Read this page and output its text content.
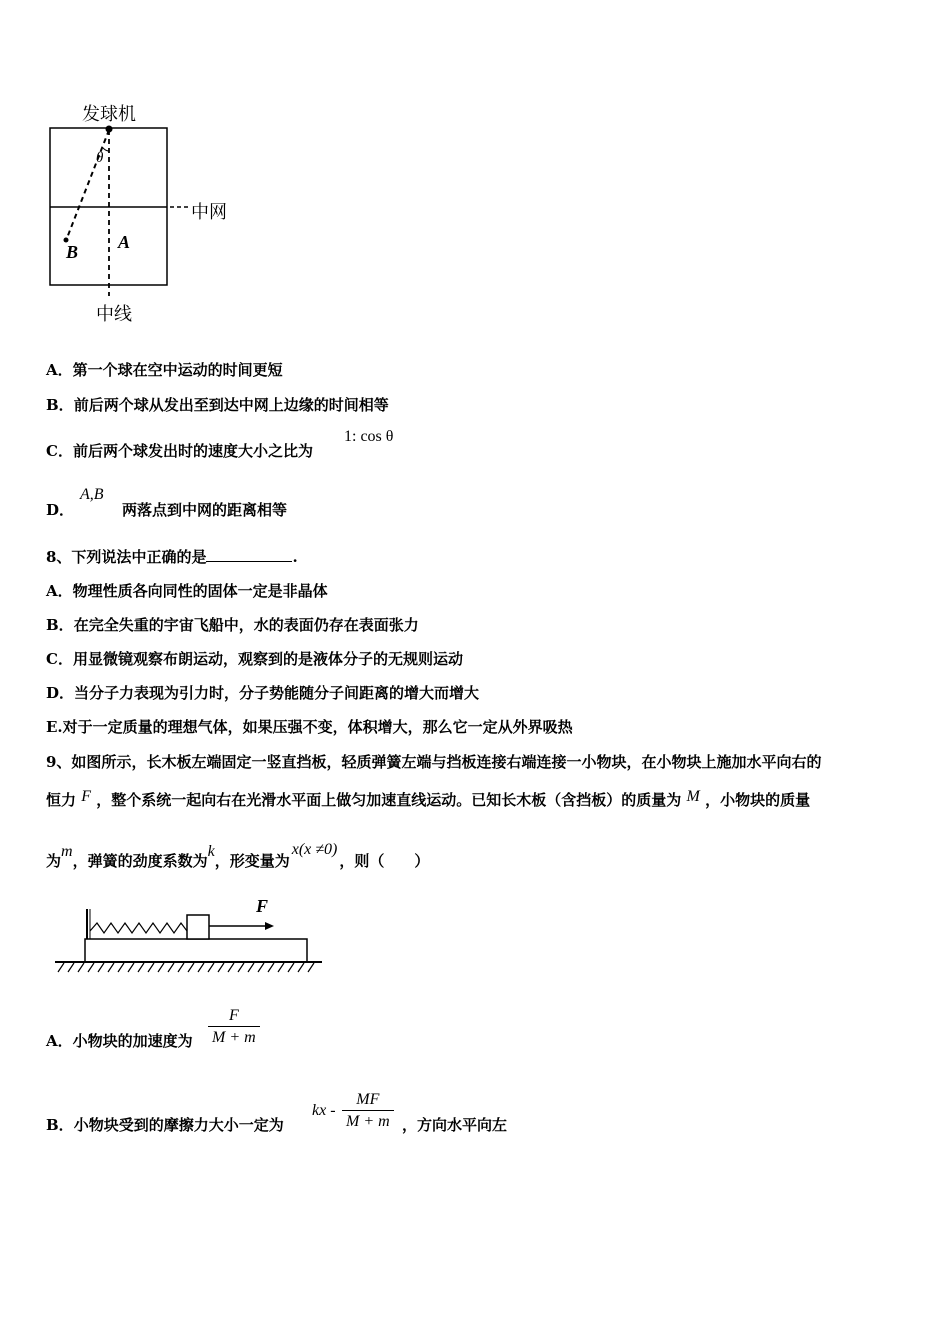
发球机
中网
中线
θ
A
B
A．第一个球在空中运动的时间更短
B．前后两个球从发出至到达中网上边缘的时间相等
C．前后两个球发出时的速度大小之比为
1: cos θ
D．	两落点到中网的距离相等
A,B
8、下列说法中正确的是	.
A．物理性质各向同性的固体一定是非晶体
B．在完全失重的宇宙飞船中，水的表面仍存在表面张力
C．用显微镜观察布朗运动，观察到的是液体分子的无规则运动
D．当分子力表现为引力时，分子势能随分子间距离的增大而增大
E.对于一定质量的理想气体，如果压强不变，体积增大，那么它一定从外界吸热
9、如图所示，长木板左端固定一竖直挡板，轻质弹簧左端与挡板连接右端连接一小物块，在小物块上施加水平向右的
恒力 F ，整个系统一起向右在光滑水平面上做匀加速直线运动。已知长木板（含挡板）的质量为 M ，小物块的质量
为m，弹簧的劲度系数为k，形变量为x(x ≠0)，则（　　）
F
A．小物块的加速度为
F
M + m
B．小物块受到的摩擦力大小一定为
kx -
MF
M + m ，方向水平向左
